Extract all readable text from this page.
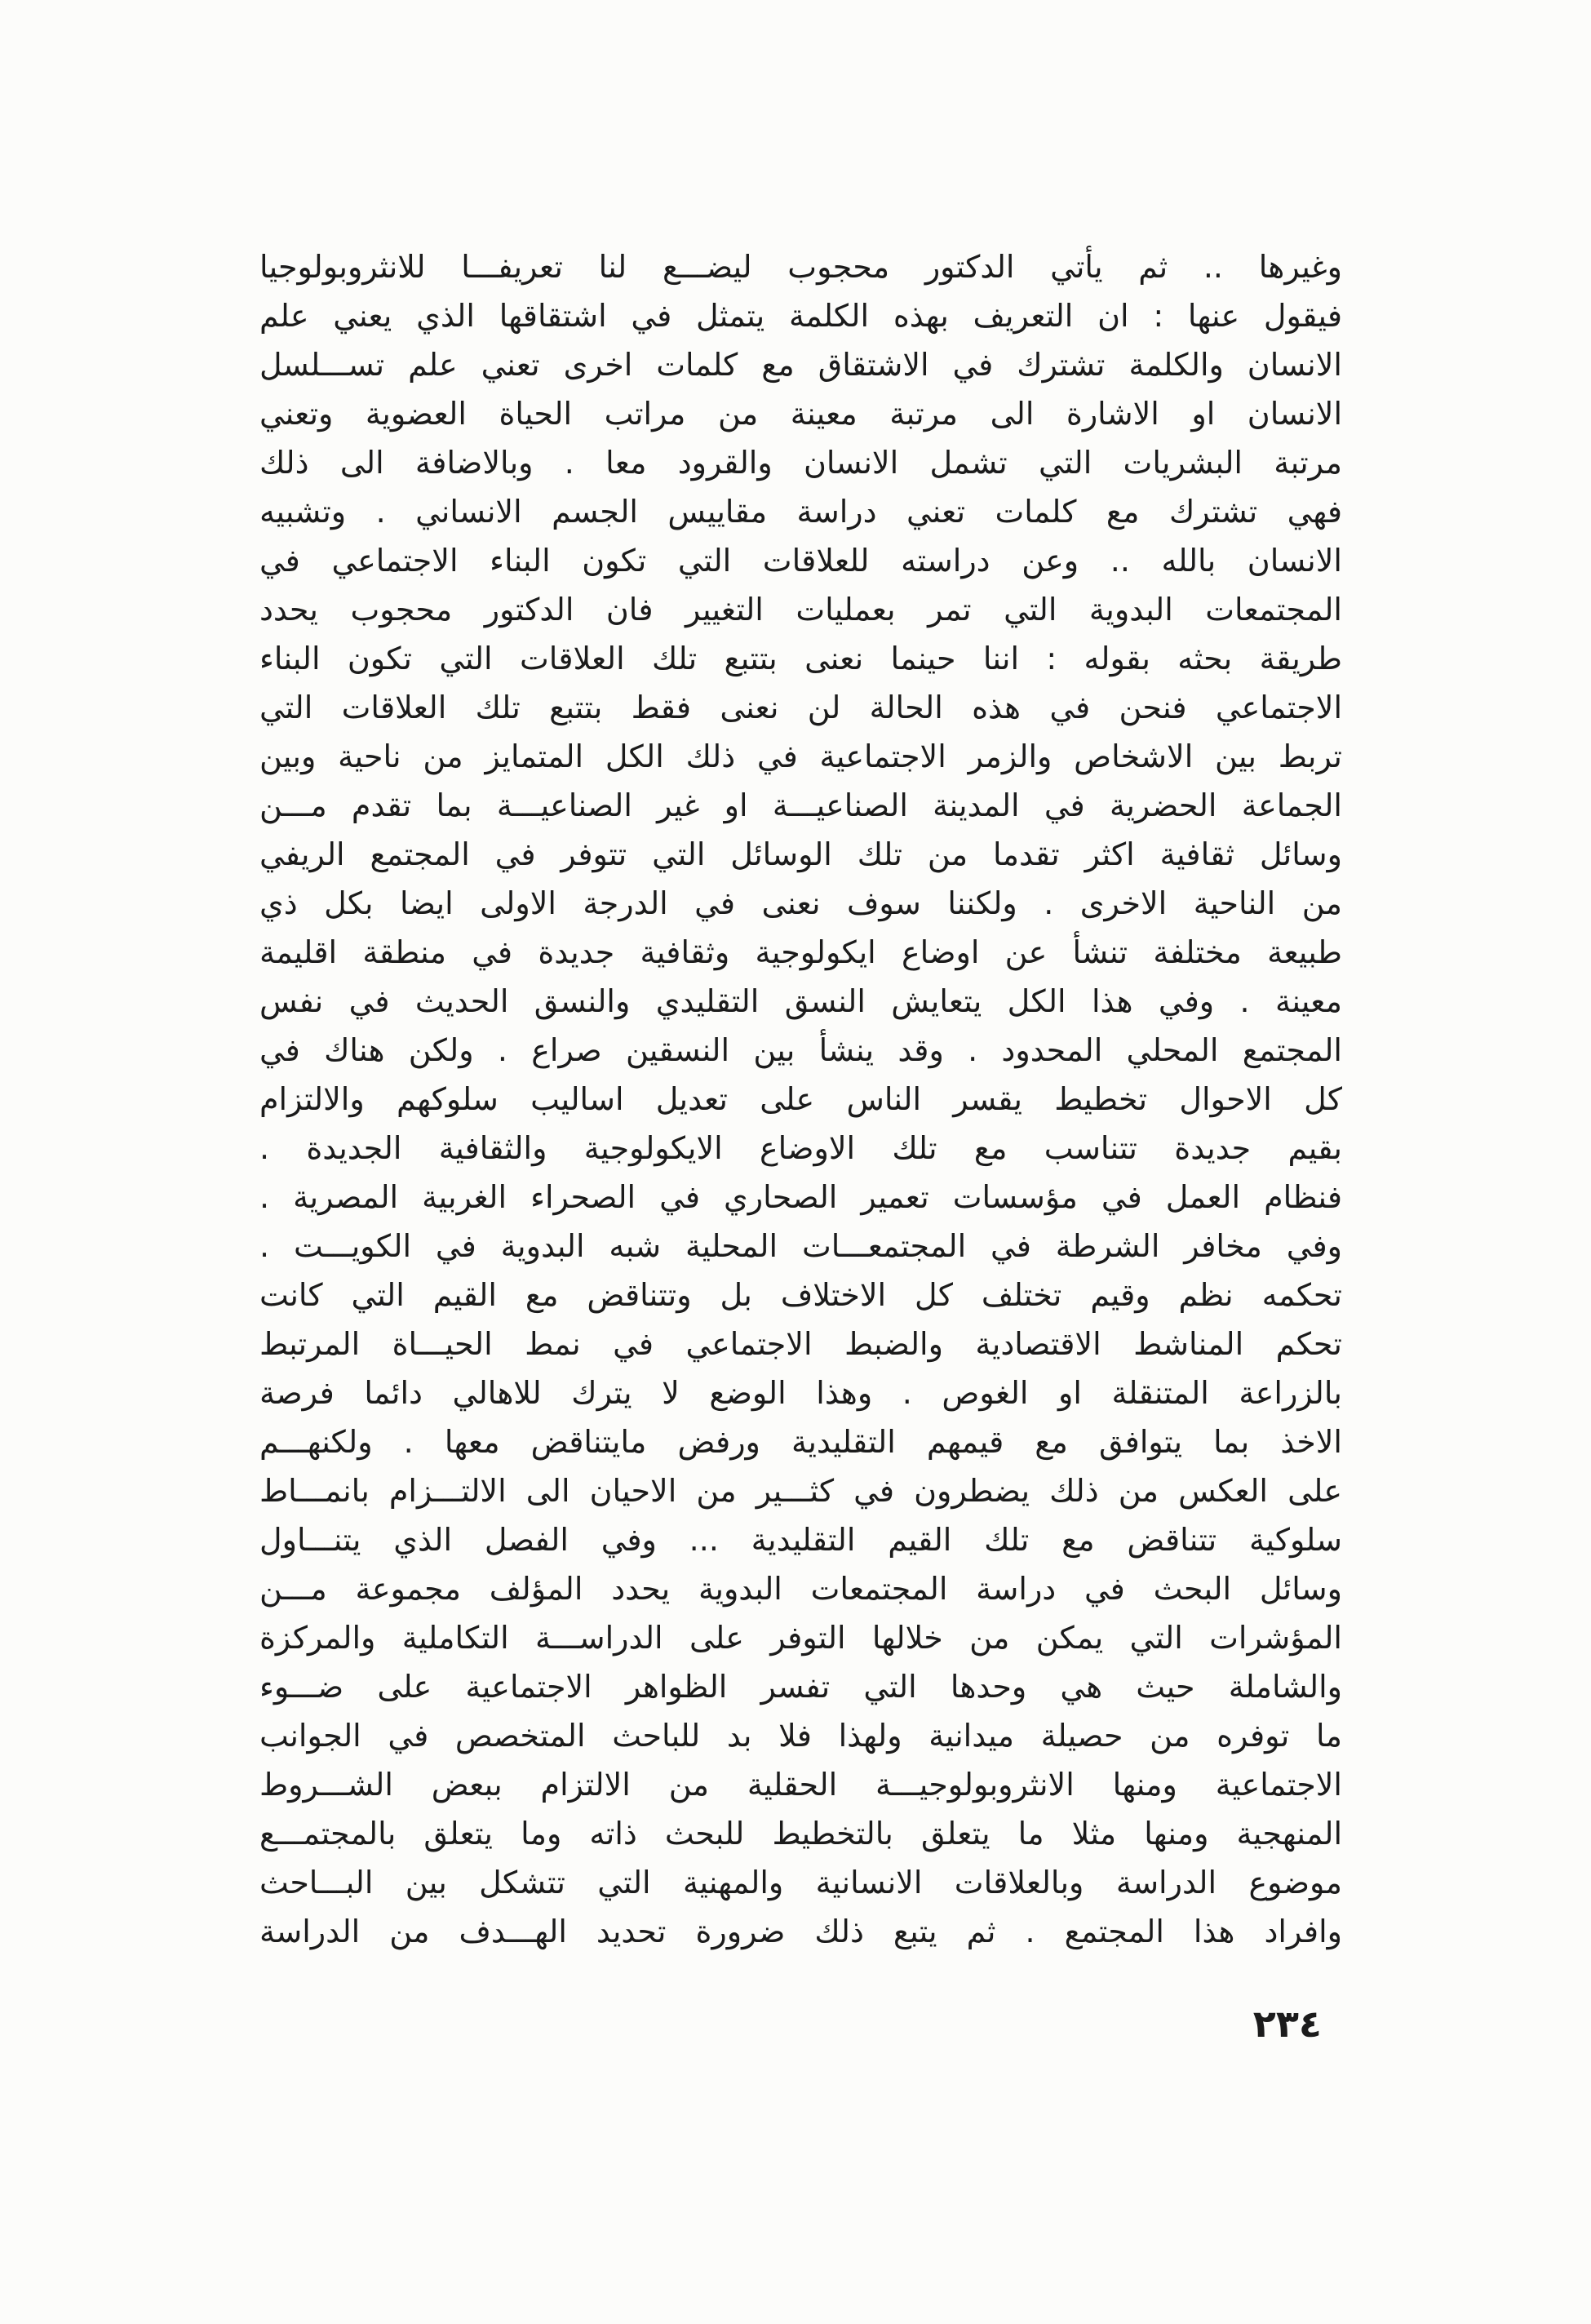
وغيرها .. ثم يأتي الدكتور محجوب ليضـــع لنا تعريفـــا للانثروبولوجيا
فيقول عنها : ان التعريف بهذه الكلمة يتمثل في اشتقاقها الذي يعني علم
الانسان والكلمة تشترك في الاشتقاق مع كلمات اخرى تعني علم تســـلسل
الانسان او الاشارة الى مرتبة معينة من مراتب الحياة العضوية وتعني
مرتبة البشريات التي تشمل الانسان والقرود معا . وبالاضافة الى ذلك
فهي تشترك مع كلمات تعني دراسة مقاييس الجسم الانساني . وتشبيه
الانسان بالله .. وعن دراسته للعلاقات التي تكون البناء الاجتماعي في
المجتمعات البدوية التي تمر بعمليات التغيير فان الدكتور محجوب يحدد
طريقة بحثه بقوله : اننا حينما نعنى بتتبع تلك العلاقات التي تكون البناء
الاجتماعي فنحن في هذه الحالة لن نعنى فقط بتتبع تلك العلاقات التي
تربط بين الاشخاص والزمر الاجتماعية في ذلك الكل المتمايز من ناحية وبين
الجماعة الحضرية في المدينة الصناعيـــة او غير الصناعيـــة بما تقدم مـــن
وسائل ثقافية اكثر تقدما من تلك الوسائل التي تتوفر في المجتمع الريفي
من الناحية الاخرى . ولكننا سوف نعنى في الدرجة الاولى ايضا بكل ذي
طبيعة مختلفة تنشأ عن اوضاع ايكولوجية وثقافية جديدة في منطقة اقليمة
معينة . وفي هذا الكل يتعايش النسق التقليدي والنسق الحديث في نفس
المجتمع المحلي المحدود . وقد ينشأ بين النسقين صراع . ولكن هناك في
كل الاحوال تخطيط يقسر الناس على تعديل اساليب سلوكهم والالتزام
بقيم جديدة تتناسب مع تلك الاوضاع الايكولوجية والثقافية الجديدة .
فنظام العمل في مؤسسات تعمير الصحاري في الصحراء الغربية المصرية .
وفي مخافر الشرطة في المجتمعـــات المحلية شبه البدوية في الكويـــت .
تحكمه نظم وقيم تختلف كل الاختلاف بل وتتناقض مع القيم التي كانت
تحكم المناشط الاقتصادية والضبط الاجتماعي في نمط الحيـــاة المرتبط
بالزراعة المتنقلة او الغوص . وهذا الوضع لا يترك للاهالي دائما فرصة
الاخذ بما يتوافق مع قيمهم التقليدية ورفض مايتناقض معها . ولكنهـــم
على العكس من ذلك يضطرون في كثـــير من الاحيان الى الالتـــزام بانمـــاط
سلوكية تتناقض مع تلك القيم التقليدية ... وفي الفصل الذي يتنـــاول
وسائل البحث في دراسة المجتمعات البدوية يحدد المؤلف مجموعة مـــن
المؤشرات التي يمكن من خلالها التوفر على الدراســـة التكاملية والمركزة
والشاملة حيث هي وحدها التي تفسر الظواهر الاجتماعية على ضـــوء
ما توفره من حصيلة ميدانية ولهذا فلا بد للباحث المتخصص في الجوانب
الاجتماعية ومنها الانثروبولوجيـــة الحقلية من الالتزام ببعض الشـــروط
المنهجية ومنها مثلا ما يتعلق بالتخطيط للبحث ذاته وما يتعلق بالمجتمـــع
موضوع الدراسة وبالعلاقات الانسانية والمهنية التي تتشكل بين البـــاحث
وافراد هذا المجتمع . ثم يتبع ذلك ضرورة تحديد الهـــدف من الدراسة
٢٣٤
